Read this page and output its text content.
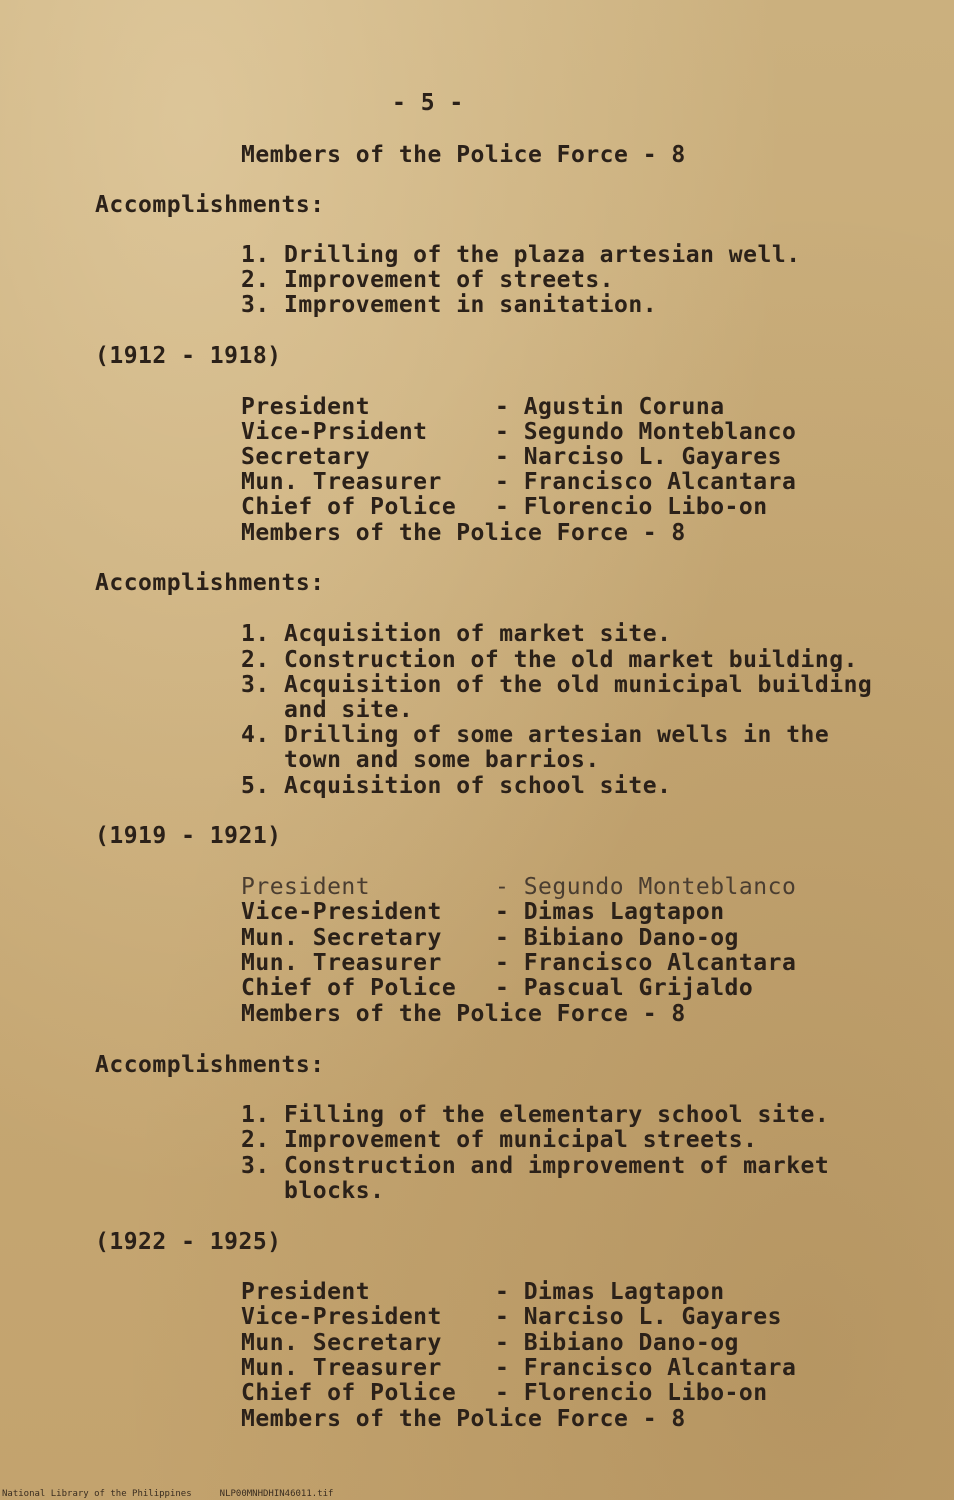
- 5 -
Members of the Police Force - 8
Accomplishments:
1. Drilling of the plaza artesian well.
2. Improvement of streets.
3. Improvement in sanitation.
(1912 - 1918)
President	- Agustin Coruna
Vice-Prsident	- Segundo Monteblanco
Secretary	- Narciso L. Gayares
Mun. Treasurer - Francisco Alcantara
Chief of Police - Florencio Libo-on
Members of the Police Force - 8
Accomplishments:
1. Acquisition of market site.
2. Construction of the old market building.
3. Acquisition of the old municipal building
and site.
4. Drilling of some artesian wells in the
town and some barrios.
5. Acquisition of school site.
(1919 - 1921)
President	- Segundo Monteblanco
Vice-President - Dimas Lagtapon
Mun. Secretary - Bibiano Dano-og
Mun. Treasurer - Francisco Alcantara
Chief of Police - Pascual Grijaldo
Members of the Police Force - 8
Accomplishments:
1. Filling of the elementary school site.
2. Improvement of municipal streets.
3. Construction and improvement of market
blocks.
(1922 - 1925)
President	- Dimas Lagtapon
Vice-President - Narciso L. Gayares
Mun. Secretary - Bibiano Dano-og
Mun. Treasurer - Francisco Alcantara
Chief of Police - Florencio Libo-on
Members of the Police Force - 8
National Library of the Philippines	NLP00MNHDHIN46011.tif
